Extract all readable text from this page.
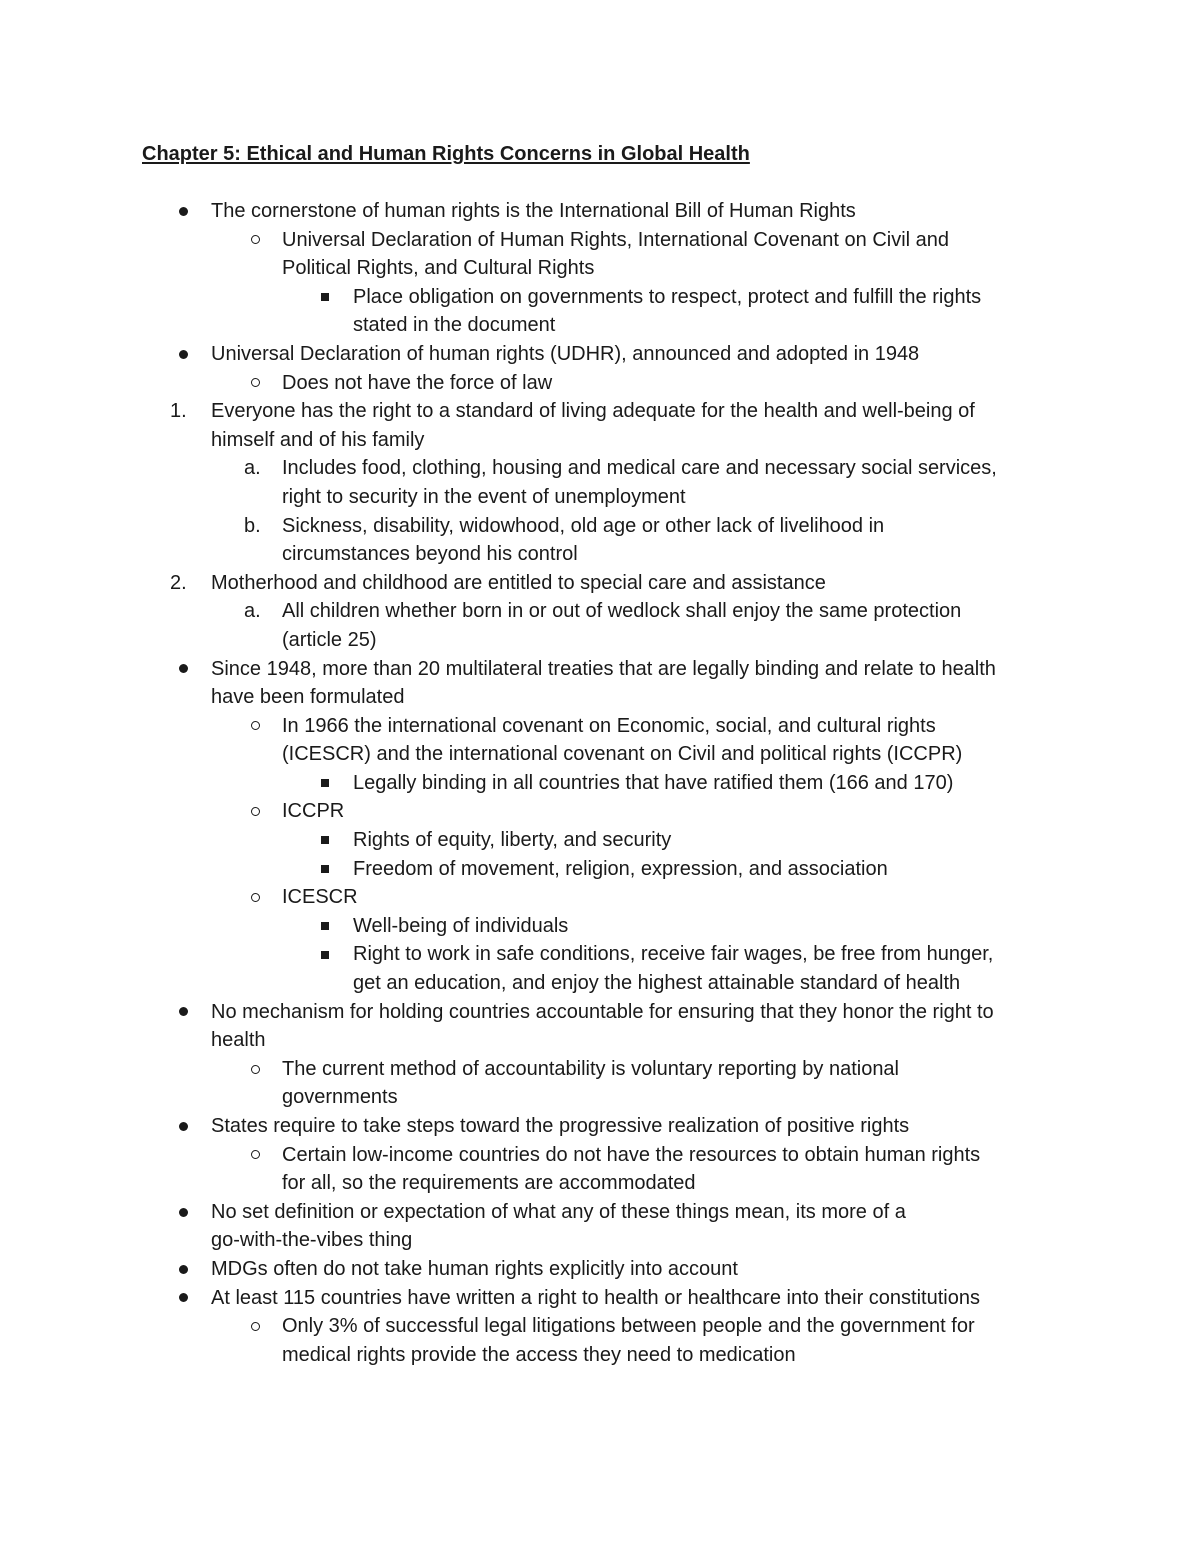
Chapter 5: Ethical and Human Rights Concerns in Global Health
The cornerstone of human rights is the International Bill of Human Rights
Universal Declaration of Human Rights, International Covenant on Civil and
Political Rights, and Cultural Rights
Place obligation on governments to respect, protect and fulfill the rights
stated in the document
Universal Declaration of human rights (UDHR), announced and adopted in 1948
Does not have the force of law
1.	Everyone has the right to a standard of living adequate for the health and well-being of
himself and of his family
a.	Includes food, clothing, housing and medical care and necessary social services,
right to security in the event of unemployment
b.	Sickness, disability, widowhood, old age or other lack of livelihood in
circumstances beyond his control
2.	Motherhood and childhood are entitled to special care and assistance
a.	All children whether born in or out of wedlock shall enjoy the same protection
(article 25)
Since 1948, more than 20 multilateral treaties that are legally binding and relate to health
have been formulated
In 1966 the international covenant on Economic, social, and cultural rights
(ICESCR) and the international covenant on Civil and political rights (ICCPR)
Legally binding in all countries that have ratified them (166 and 170)
ICCPR
Rights of equity, liberty, and security
Freedom of movement, religion, expression, and association
ICESCR
Well-being of individuals
Right to work in safe conditions, receive fair wages, be free from hunger,
get an education, and enjoy the highest attainable standard of health
No mechanism for holding countries accountable for ensuring that they honor the right to
health
The current method of accountability is voluntary reporting by national
governments
States require to take steps toward the progressive realization of positive rights
Certain low-income countries do not have the resources to obtain human rights
for all, so the requirements are accommodated
No set definition or expectation of what any of these things mean, its more of a
go-with-the-vibes thing
MDGs often do not take human rights explicitly into account
At least 115 countries have written a right to health or healthcare into their constitutions
Only 3% of successful legal litigations between people and the government for
medical rights provide the access they need to medication
